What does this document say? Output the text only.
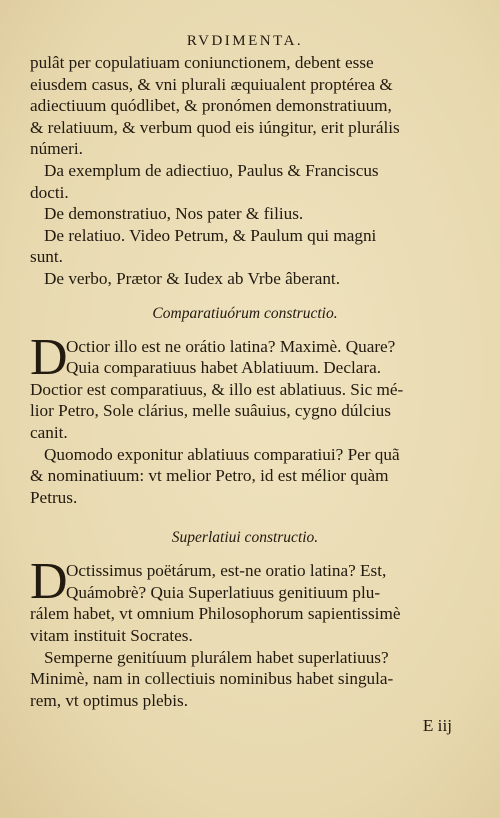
RVDIMENTA.
pulât per copulatiuam coniunctionem, debent esse
eiusdem casus, & vni plurali æquiualent proptérea &
adiectiuum quódlibet, & pronómen demonstratiuum,
& relatiuum, & verbum quod eis iúngitur, erit plurális
númeri.
Da exemplum de adiectiuo, Paulus & Franciscus
docti.
De demonstratiuo, Nos pater & filius.
De relatiuo. Video Petrum, & Paulum qui magni
sunt.
De verbo, Prætor & Iudex ab Vrbe âberant.
Comparatiuórum constructio.
D
Octior illo est ne orátio latina? Maximè. Quare?
Quia comparatiuus habet Ablatiuum. Declara.
Doctior est comparatiuus, & illo est ablatiuus. Sic mé-
lior Petro, Sole clárius, melle suâuius, cygno dúlcius
canit.
Quomodo exponitur ablatiuus comparatiui? Per quã
& nominatiuum: vt melior Petro, id est mélior quàm
Petrus.
Superlatiui constructio.
D
Octissimus poëtárum, est-ne oratio latina? Est,
Quámobrè? Quia Superlatiuus genitiuum plu-
rálem habet, vt omnium Philosophorum sapientissimè
vitam instituit Socrates.
Semperne genitíuum plurálem habet superlatiuus?
Minimè, nam in collectiuis nominibus habet singula-
rem, vt optimus plebis.
E iij
